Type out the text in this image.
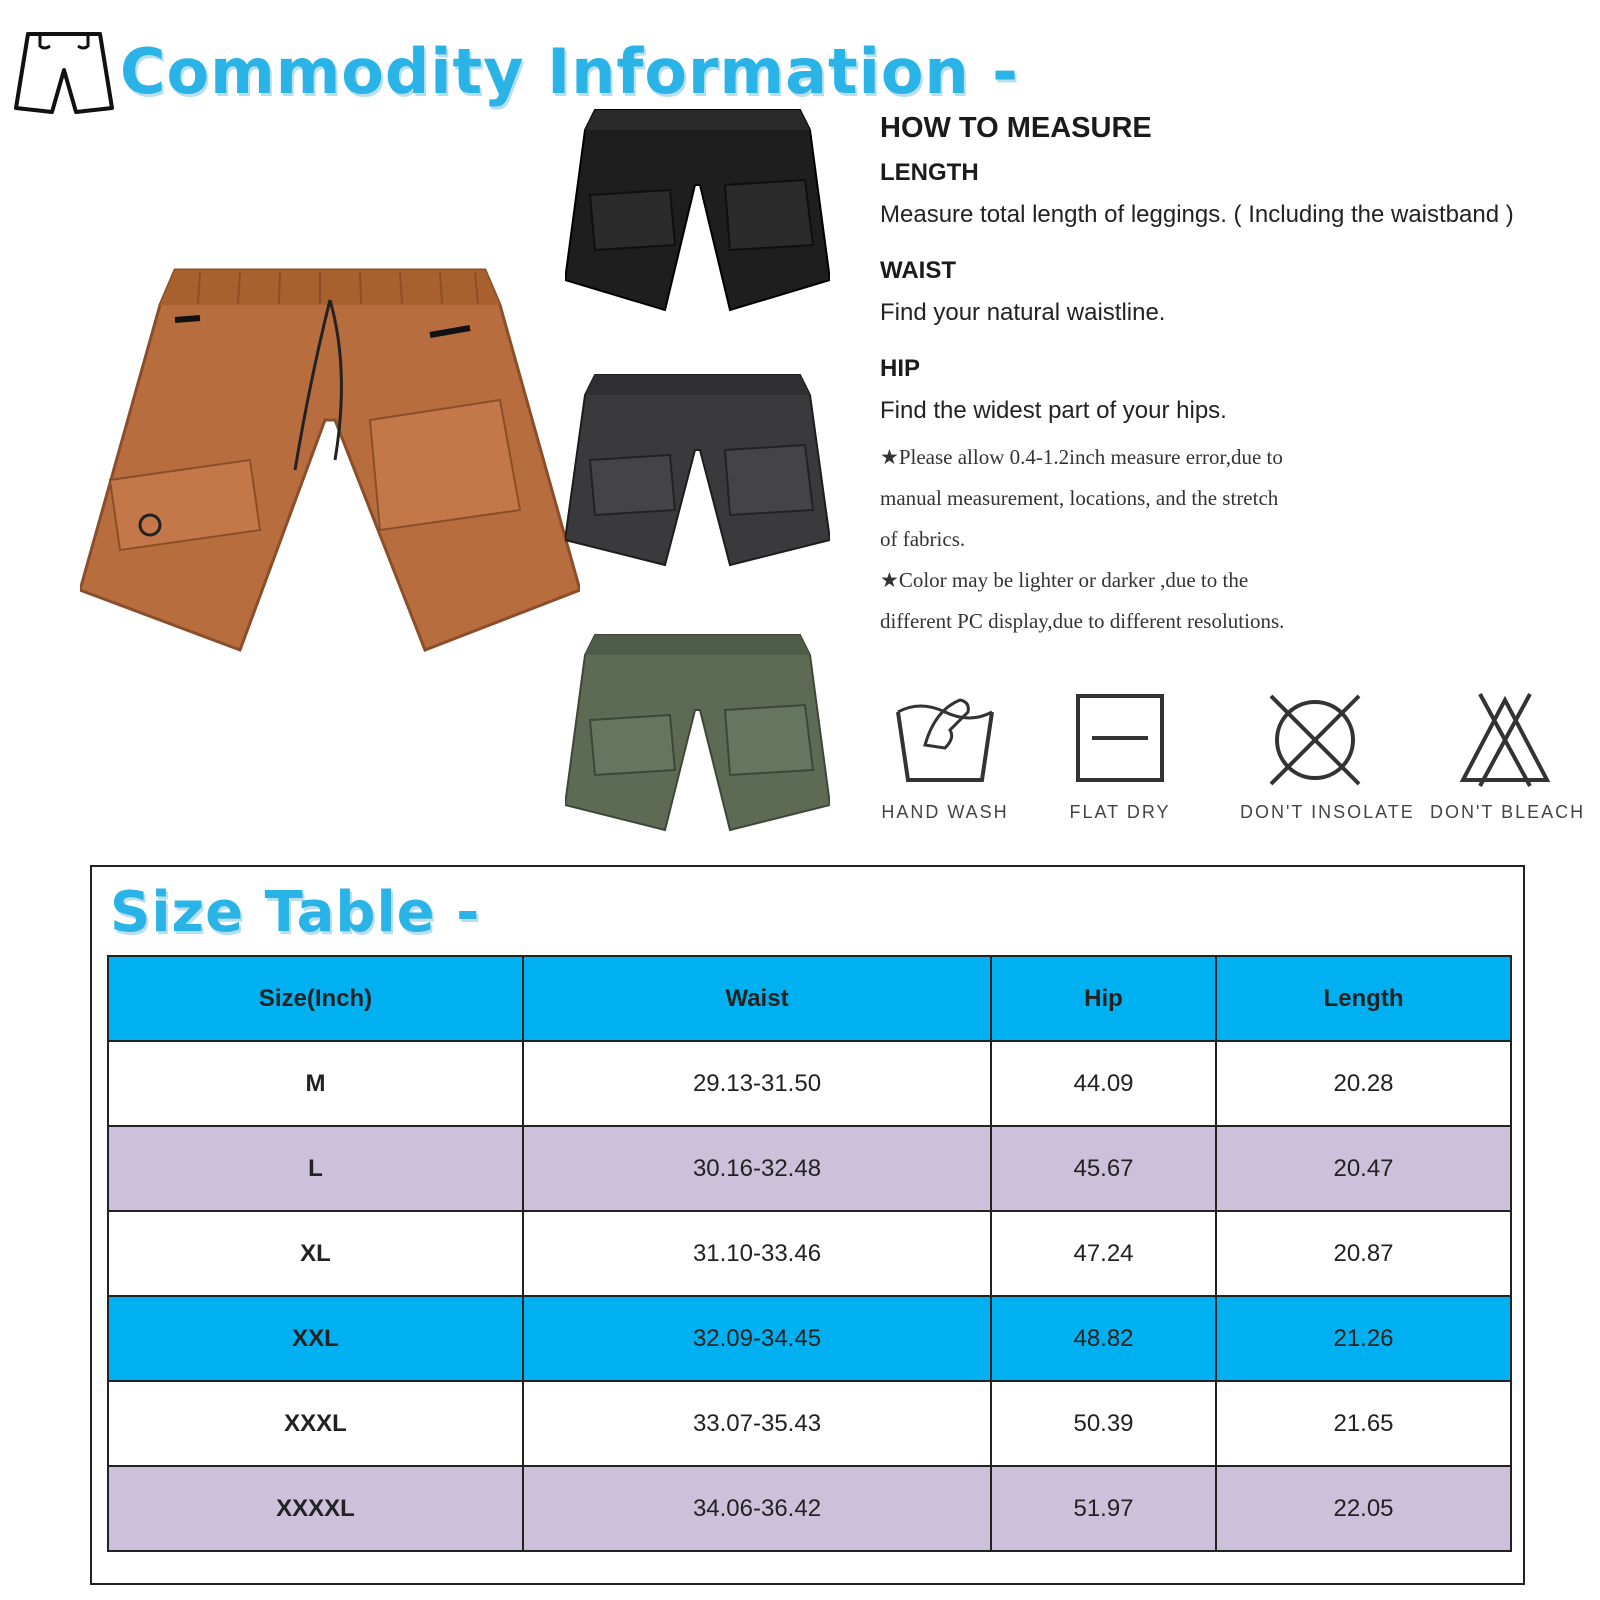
Commodity Information -
HOW TO MEASURE
LENGTH
Measure total length of leggings. ( Including the waistband )
WAIST
Find your natural waistline.
HIP
Find the widest part of your hips.
★Please allow 0.4-1.2inch measure error,due to
manual measurement, locations, and the stretch
of fabrics.
★Color may be lighter or darker ,due to the
different PC display,due to different resolutions.
HAND WASH	FLAT DRY	DON'T INSOLATE DON'T BLEACH
Size Table -
Size(Inch)	Waist	Hip	Length
M	29.13-31.50	44.09	20.28
L	30.16-32.48	45.67	20.47
XL	31.10-33.46	47.24	20.87
XXL	32.09-34.45	48.82	21.26
XXXL	33.07-35.43	50.39	21.65
XXXXL	34.06-36.42	51.97	22.05
